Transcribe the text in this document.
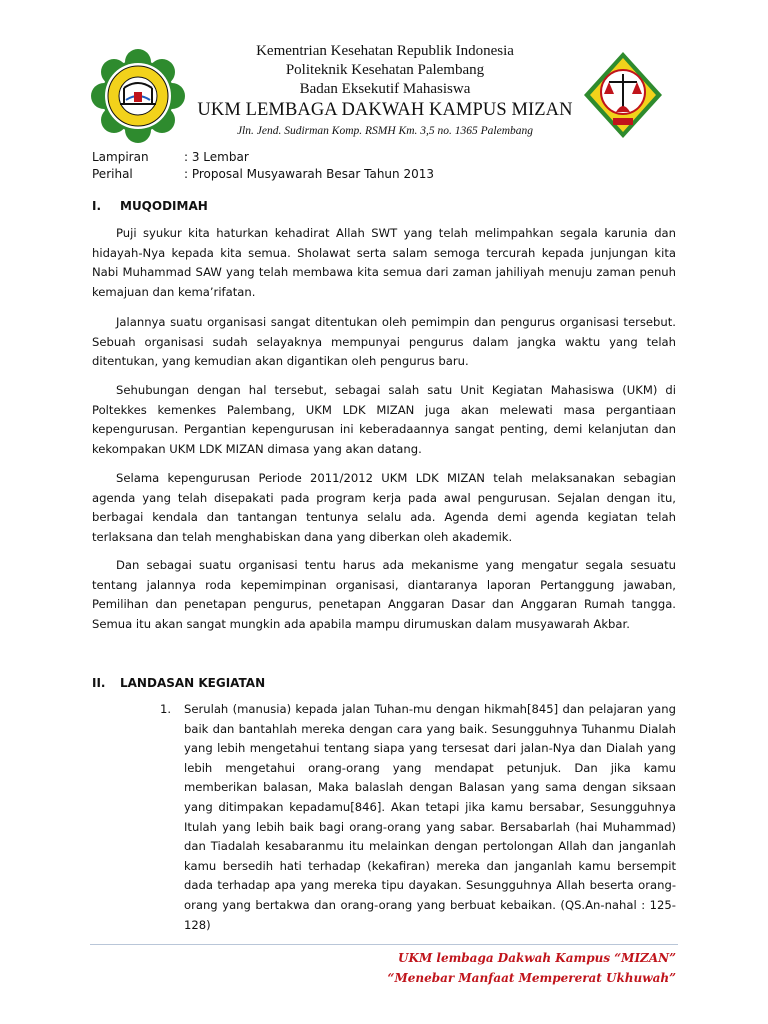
Kementrian Kesehatan Republik Indonesia
Politeknik Kesehatan Palembang
Badan Eksekutif Mahasiswa
UKM LEMBAGA DAKWAH KAMPUS MIZAN
Jln. Jend. Sudirman Komp. RSMH Km. 3,5 no. 1365 Palembang
Lampiran	: 3 Lembar
Perihal	: Proposal Musyawarah Besar Tahun 2013
I. MUQODIMAH
Puji syukur kita haturkan kehadirat Allah SWT yang telah melimpahkan segala karunia dan hidayah-Nya kepada kita semua. Sholawat serta salam semoga tercurah kepada junjungan kita Nabi Muhammad SAW yang telah membawa kita semua dari zaman jahiliyah menuju zaman penuh kemajuan dan kema’rifatan.
Jalannya suatu organisasi sangat ditentukan oleh pemimpin dan pengurus organisasi tersebut. Sebuah organisasi sudah selayaknya mempunyai pengurus dalam jangka waktu yang telah ditentukan, yang kemudian akan digantikan oleh pengurus baru.
Sehubungan dengan hal tersebut, sebagai salah satu Unit Kegiatan Mahasiswa (UKM) di Poltekkes kemenkes Palembang, UKM LDK MIZAN juga akan melewati masa pergantiaan kepengurusan. Pergantian kepengurusan ini keberadaannya sangat penting, demi kelanjutan dan kekompakan UKM LDK MIZAN dimasa yang akan datang.
Selama kepengurusan Periode 2011/2012 UKM LDK MIZAN telah melaksanakan sebagian agenda yang telah disepakati pada program kerja pada awal pengurusan. Sejalan dengan itu, berbagai kendala dan tantangan tentunya selalu ada. Agenda demi agenda kegiatan telah terlaksana dan telah menghabiskan dana yang diberkan oleh akademik.
Dan sebagai suatu organisasi tentu harus ada mekanisme yang mengatur segala sesuatu tentang jalannya roda kepemimpinan organisasi, diantaranya laporan Pertanggung jawaban, Pemilihan dan penetapan pengurus, penetapan Anggaran Dasar dan Anggaran Rumah tangga. Semua itu akan sangat mungkin ada apabila mampu dirumuskan dalam musyawarah Akbar.
II. LANDASAN KEGIATAN
1. Serulah (manusia) kepada jalan Tuhan-mu dengan hikmah[845] dan pelajaran yang baik dan bantahlah mereka dengan cara yang baik. Sesungguhnya Tuhanmu Dialah yang lebih mengetahui tentang siapa yang tersesat dari jalan-Nya dan Dialah yang lebih mengetahui orang-orang yang mendapat petunjuk. Dan jika kamu memberikan balasan, Maka balaslah dengan Balasan yang sama dengan siksaan yang ditimpakan kepadamu[846]. Akan tetapi jika kamu bersabar, Sesungguhnya Itulah yang lebih baik bagi orang-orang yang sabar. Bersabarlah (hai Muhammad) dan Tiadalah kesabaranmu itu melainkan dengan pertolongan Allah dan janganlah kamu bersedih hati terhadap (kekafiran) mereka dan janganlah kamu bersempit dada terhadap apa yang mereka tipu dayakan. Sesungguhnya Allah beserta orang-orang yang bertakwa dan orang-orang yang berbuat kebaikan. (QS.An-nahal : 125-128)
UKM lembaga Dakwah Kampus “MIZAN”
“Menebar Manfaat Mempererat Ukhuwah”
